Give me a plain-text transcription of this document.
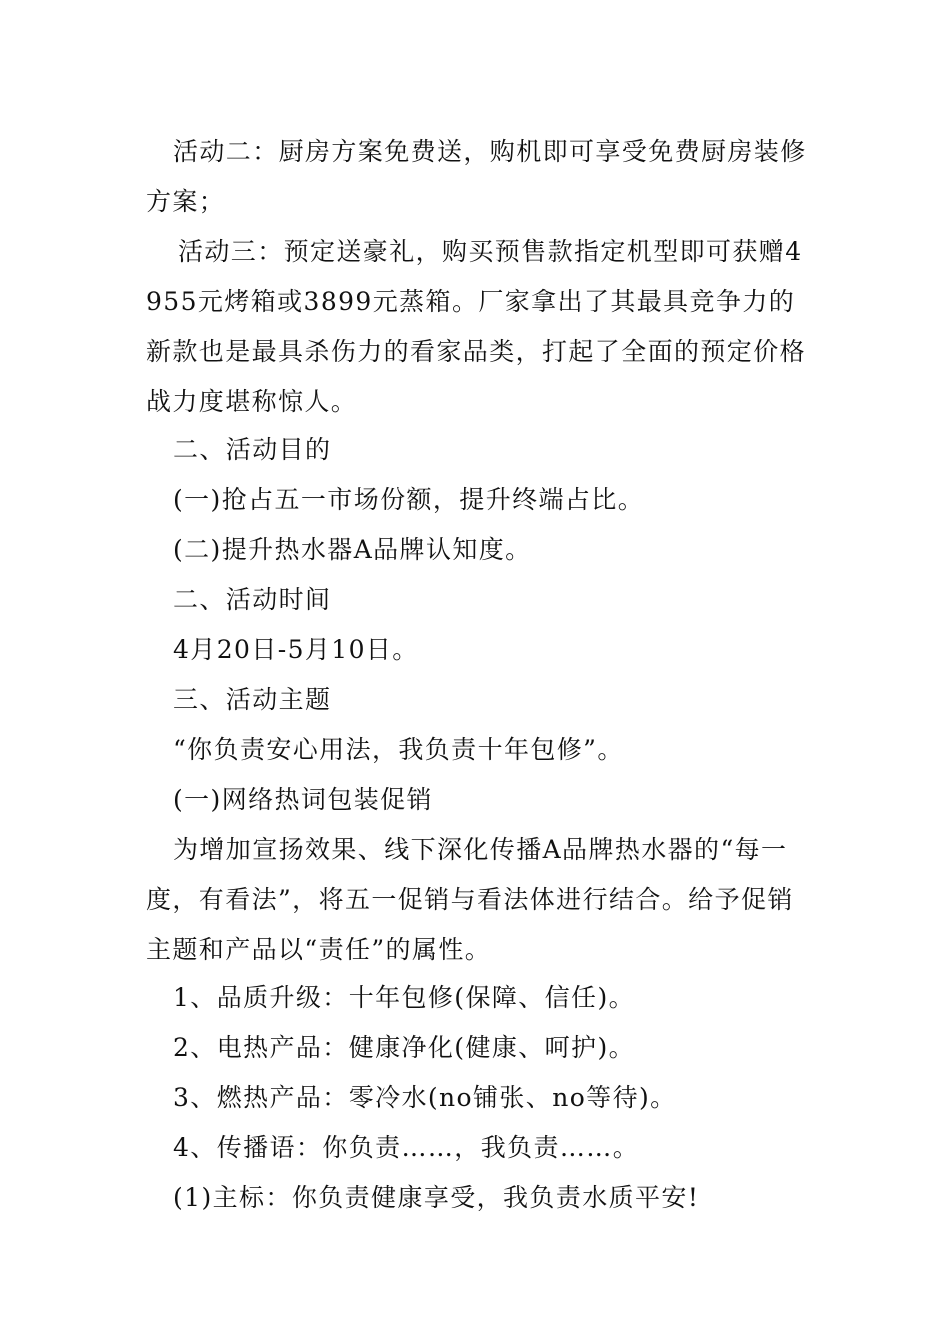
活动二：厨房方案免费送，购机即可享受免费厨房装修方案；

活动三：预定送豪礼，购买预售款指定机型即可获赠4955元烤箱或3899元蒸箱。厂家拿出了其最具竞争力的新款也是最具杀伤力的看家品类，打起了全面的预定价格战力度堪称惊人。

二、活动目的

(一)抢占五一市场份额，提升终端占比。

(二)提升热水器A品牌认知度。

二、活动时间

4月20日-5月10日。

三、活动主题

“你负责安心用法，我负责十年包修”。

(一)网络热词包装促销

为增加宣扬效果、线下深化传播A品牌热水器的“每一度，有看法”，将五一促销与看法体进行结合。给予促销主题和产品以“责任”的属性。

1、品质升级：十年包修(保障、信任)。

2、电热产品：健康净化(健康、呵护)。

3、燃热产品：零冷水(no铺张、no等待)。

4、传播语：你负责……，我负责……。

(1)主标：你负责健康享受，我负责水质平安!
